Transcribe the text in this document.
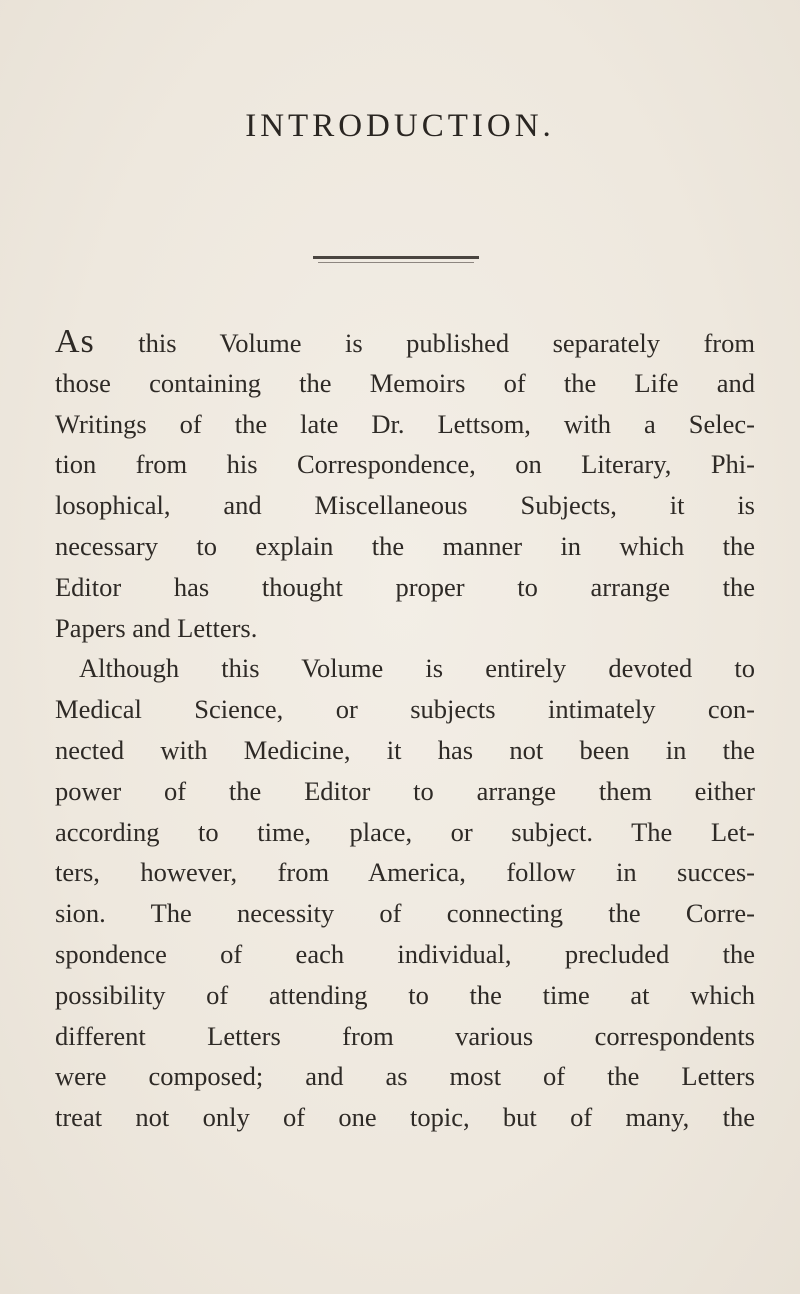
INTRODUCTION.
As this Volume is published separately from
those containing the Memoirs of the Life and
Writings of the late Dr. Lettsom, with a Selec-
tion from his Correspondence, on Literary, Phi-
losophical, and Miscellaneous Subjects, it is
necessary to explain the manner in which the
Editor has thought proper to arrange the
Papers and Letters.
Although this Volume is entirely devoted to
Medical Science, or subjects intimately con-
nected with Medicine, it has not been in the
power of the Editor to arrange them either
according to time, place, or subject. The Let-
ters, however, from America, follow in succes-
sion. The necessity of connecting the Corre-
spondence of each individual, precluded the
possibility of attending to the time at which
different Letters from various correspondents
were composed; and as most of the Letters
treat not only of one topic, but of many, the
